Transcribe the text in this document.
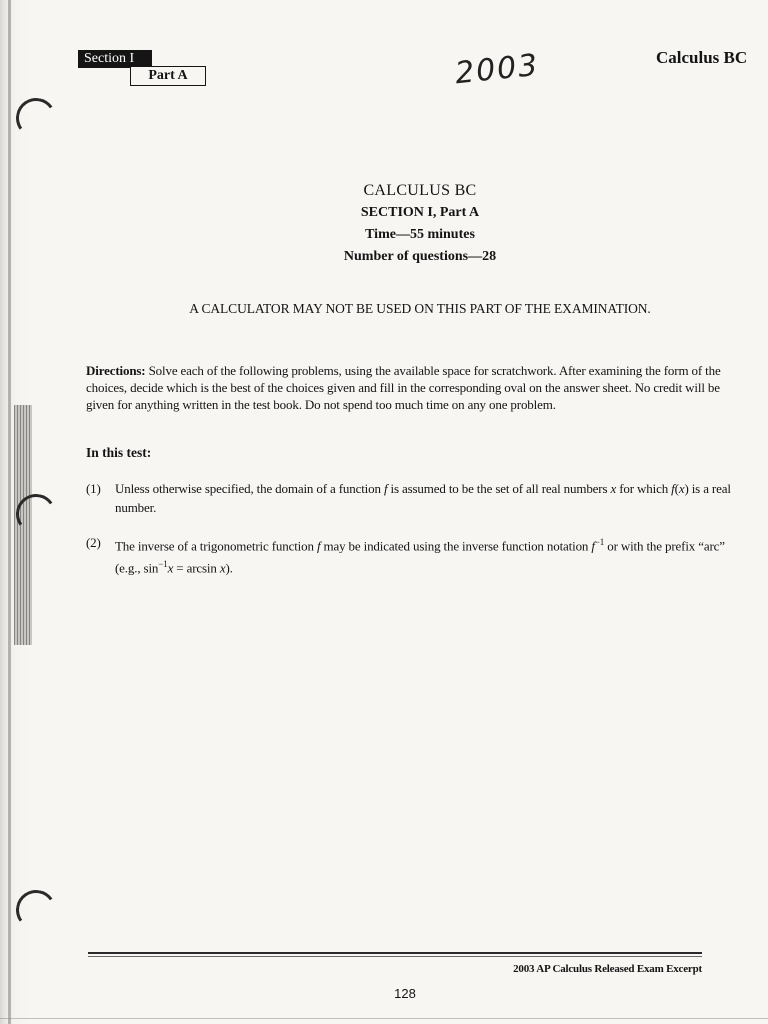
Section I
Part A	2003	Calculus BC
CALCULUS BC
SECTION I, Part A
Time—55 minutes
Number of questions—28
A CALCULATOR MAY NOT BE USED ON THIS PART OF THE EXAMINATION.
Directions: Solve each of the following problems, using the available space for scratchwork. After examining the form of the choices, decide which is the best of the choices given and fill in the corresponding oval on the answer sheet. No credit will be given for anything written in the test book. Do not spend too much time on any one problem.
In this test:
(1) Unless otherwise specified, the domain of a function f is assumed to be the set of all real numbers x for which f(x) is a real number.
(2) The inverse of a trigonometric function f may be indicated using the inverse function notation $f^{-1}$ or with the prefix “arc” (e.g., $\sin^{-1}x = \arcsin x$).
2003 AP Calculus Released Exam Excerpt
128
